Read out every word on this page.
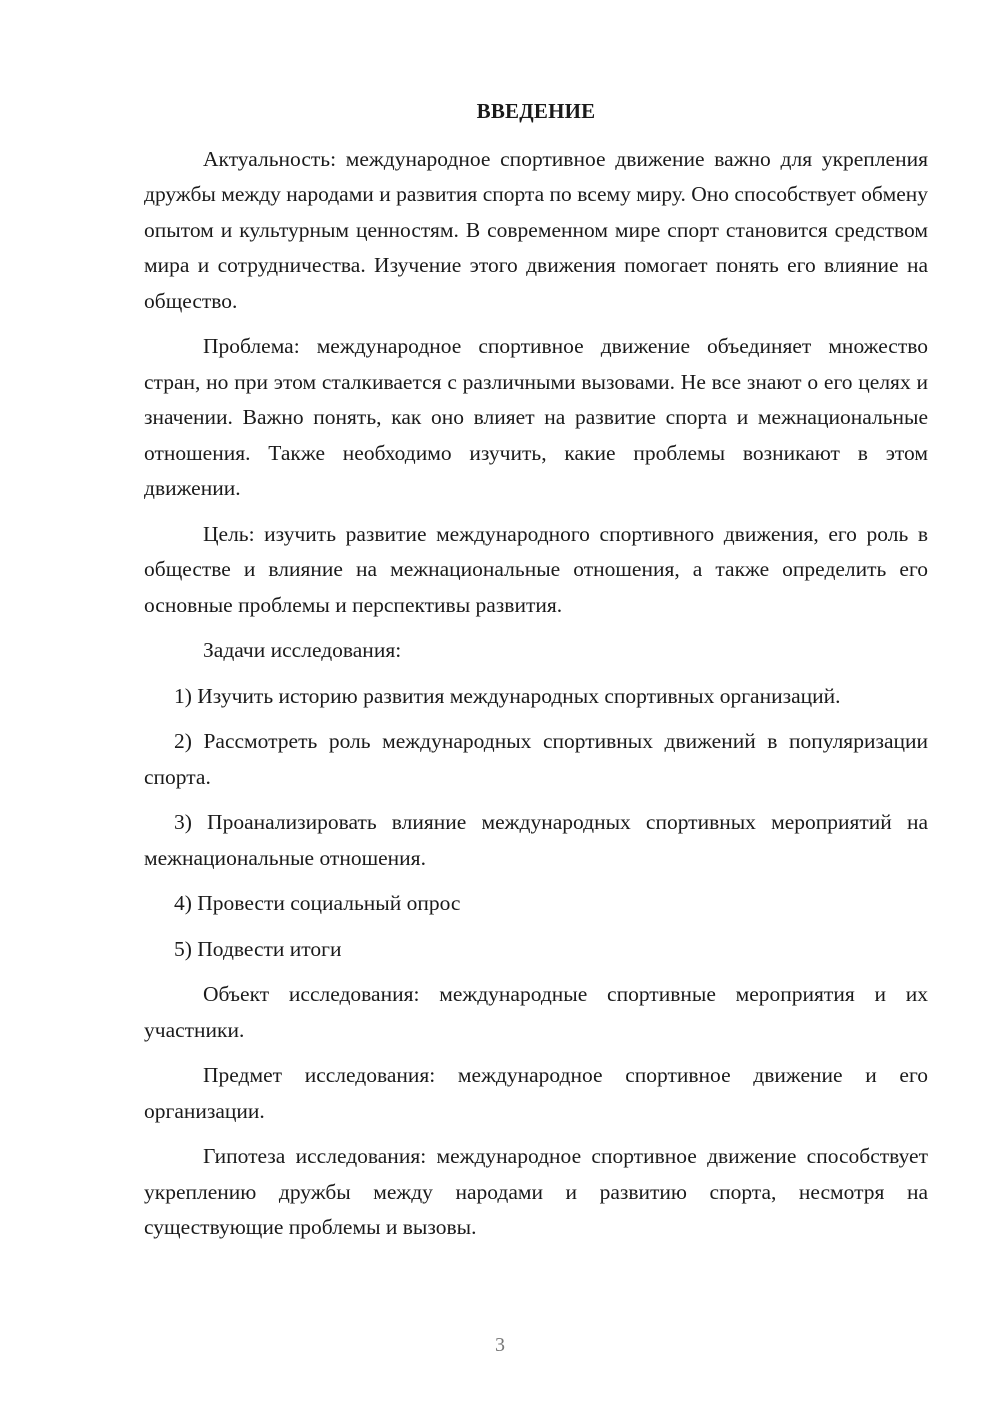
ВВЕДЕНИЕ

Актуальность: международное спортивное движение важно для укрепления дружбы между народами и развития спорта по всему миру. Оно способствует обмену опытом и культурным ценностям. В современном мире спорт становится средством мира и сотрудничества. Изучение этого движения помогает понять его влияние на общество.

Проблема: международное спортивное движение объединяет множество стран, но при этом сталкивается с различными вызовами. Не все знают о его целях и значении. Важно понять, как оно влияет на развитие спорта и межнациональные отношения. Также необходимо изучить, какие проблемы возникают в этом движении.

Цель: изучить развитие международного спортивного движения, его роль в обществе и влияние на межнациональные отношения, а также определить его основные проблемы и перспективы развития.

Задачи исследования:

1) Изучить историю развития международных спортивных организаций.

2) Рассмотреть роль международных спортивных движений в популяризации спорта.

3) Проанализировать влияние международных спортивных мероприятий на межнациональные отношения.

4) Провести социальный опрос

5) Подвести итоги

Объект исследования: международные спортивные мероприятия и их участники.

Предмет исследования: международное спортивное движение и его организации.

Гипотеза исследования: международное спортивное движение способствует укреплению дружбы между народами и развитию спорта, несмотря на существующие проблемы и вызовы.

3
